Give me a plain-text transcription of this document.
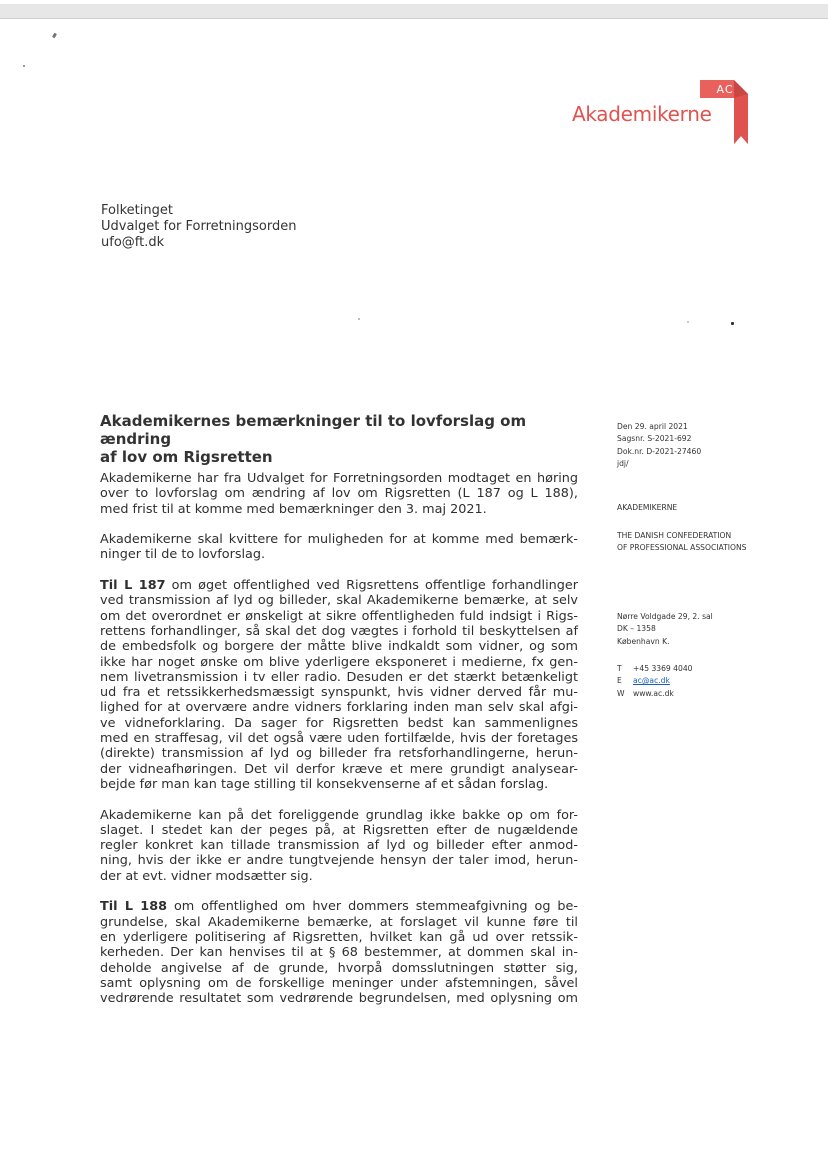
AC
Akademikerne
Folketinget
Udvalget for Forretningsorden
ufo@ft.dk
Akademikernes bemærkninger til to lovforslag om ændring
af lov om Rigsretten
Den 29. april 2021
Sagsnr. S-2021-692
Dok.nr. D-2021-27460
jdj/
AKADEMIKERNE
THE DANISH CONFEDERATION
OF PROFESSIONAL ASSOCIATIONS
Nørre Voldgade 29, 2. sal
DK – 1358
København K.
T	+45 3369 4040
E	ac@ac.dk
W	www.ac.dk

Akademikerne har fra Udvalget for Forretningsorden modtaget en høring
over to lovforslag om ændring af lov om Rigsretten (L 187 og L 188),
med frist til at komme med bemærkninger den 3. maj 2021.

Akademikerne skal kvittere for muligheden for at komme med bemærk-
ninger til de to lovforslag.

Til L 187 om øget offentlighed ved Rigsrettens offentlige forhandlinger
ved transmission af lyd og billeder, skal Akademikerne bemærke, at selv
om det overordnet er ønskeligt at sikre offentligheden fuld indsigt i Rigs-
rettens forhandlinger, så skal det dog vægtes i forhold til beskyttelsen af
de embedsfolk og borgere der måtte blive indkaldt som vidner, og som
ikke har noget ønske om blive yderligere eksponeret i medierne, fx gen-
nem livetransmission i tv eller radio. Desuden er det stærkt betænkeligt
ud fra et retssikkerhedsmæssigt synspunkt, hvis vidner derved får mu-
lighed for at overvære andre vidners forklaring inden man selv skal afgi-
ve vidneforklaring. Da sager for Rigsretten bedst kan sammenlignes
med en straffesag, vil det også være uden fortilfælde, hvis der foretages
(direkte) transmission af lyd og billeder fra retsforhandlingerne, herun-
der vidneafhøringen. Det vil derfor kræve et mere grundigt analysear-
bejde før man kan tage stilling til konsekvenserne af et sådan forslag.

Akademikerne kan på det foreliggende grundlag ikke bakke op om for-
slaget. I stedet kan der peges på, at Rigsretten efter de nugældende
regler konkret kan tillade transmission af lyd og billeder efter anmod-
ning, hvis der ikke er andre tungtvejende hensyn der taler imod, herun-
der at evt. vidner modsætter sig.

Til L 188 om offentlighed om hver dommers stemmeafgivning og be-
grundelse, skal Akademikerne bemærke, at forslaget vil kunne føre til
en yderligere politisering af Rigsretten, hvilket kan gå ud over retssik-
kerheden. Der kan henvises til at § 68 bestemmer, at dommen skal in-
deholde angivelse af de grunde, hvorpå domsslutningen støtter sig,
samt oplysning om de forskellige meninger under afstemningen, såvel
vedrørende resultatet som vedrørende begrundelsen, med oplysning om
